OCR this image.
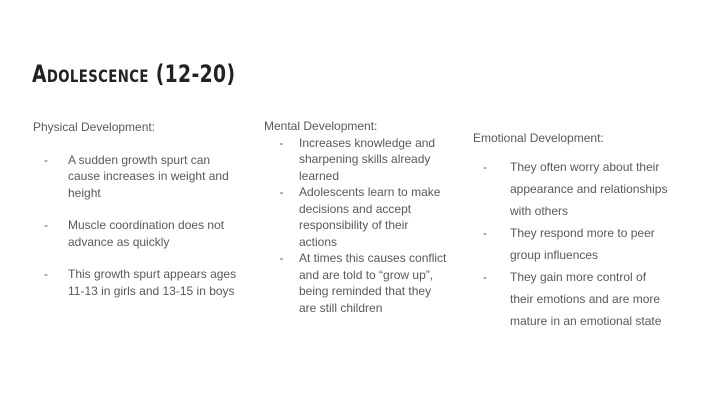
Adolescence (12-20)

Physical Development:

-	A sudden growth spurt can cause increases in weight and height
-	Muscle coordination does not advance as quickly
-	This growth spurt appears ages 11-13 in girls and 13-15 in boys

Mental Development:

-	Increases knowledge and sharpening skills already learned
-	Adolescents learn to make decisions and accept responsibility of their actions
-	At times this causes conflict and are told to “grow up”, being reminded that they are still children

Emotional Development:

-	They often worry about their appearance and relationships with others
-	They respond more to peer group influences
-	They gain more control of their emotions and are more mature in an emotional state
